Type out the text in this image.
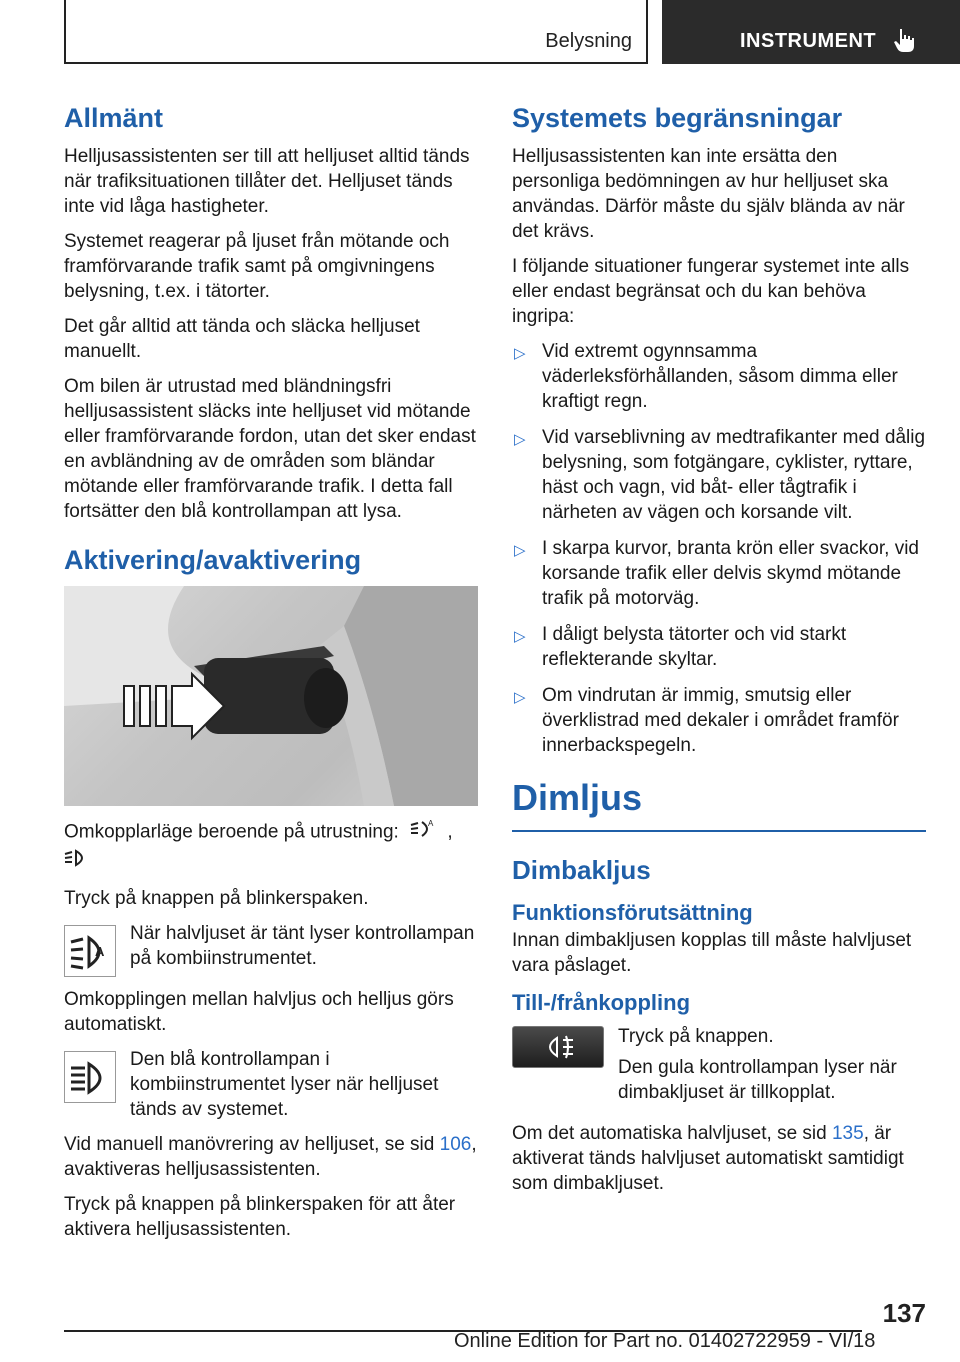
Belysning	INSTRUMENT
Allmänt

Helljusassistenten ser till att helljuset alltid tänds när trafiksituationen tillåter det. Helljuset tänds inte vid låga hastigheter.

Systemet reagerar på ljuset från mötande och framförvarande trafik samt på omgivningens belysning, t.ex. i tätorter.

Det går alltid att tända och släcka helljuset manuellt.

Om bilen är utrustad med bländningsfri helljusassistent släcks inte helljuset vid mötande eller framförvarande fordon, utan det sker endast en avbländning av de områden som bländar mötande eller framförvarande trafik. I detta fall fortsätter den blå kontrollampan att lysa.

Aktivering/avaktivering

Omkopplarläge beroende på utrustning:	A ,

Tryck på knappen på blinkerspaken.

A

När halvljuset är tänt lyser kontrollampan på kombiinstrumentet.

Omkopplingen mellan halvljus och helljus görs automatiskt.

Den blå kontrollampan i kombiinstrumentet lyser när helljuset tänds av systemet.

Vid manuell manövrering av helljuset, se sid 106, avaktiveras helljusassistenten.

Tryck på knappen på blinkerspaken för att åter aktivera helljusassistenten.

Systemets begränsningar

Helljusassistenten kan inte ersätta den personliga bedömningen av hur helljuset ska användas. Därför måste du själv blända av när det krävs.

I följande situationer fungerar systemet inte alls eller endast begränsat och du kan behöva ingripa:

▷ Vid extremt ogynnsamma väderleksförhållanden, såsom dimma eller kraftigt regn.
▷ Vid varseblivning av medtrafikanter med dålig belysning, som fotgängare, cyklister, ryttare, häst och vagn, vid båt- eller tågtrafik i närheten av vägen och korsande vilt.
▷ I skarpa kurvor, branta krön eller svackor, vid korsande trafik eller delvis skymd mötande trafik på motorväg.
▷ I dåligt belysta tätorter och vid starkt reflekterande skyltar.
▷ Om vindrutan är immig, smutsig eller överklistrad med dekaler i området framför innerbackspegeln.
Dimljus
Dimbakljus
Funktionsförutsättning

Innan dimbakljusen kopplas till måste halvljuset vara påslaget.

Till-/frånkoppling

Tryck på knappen.

Den gula kontrollampan lyser när dimbakljuset är tillkopplat.

Om det automatiska halvljuset, se sid 135, är aktiverat tänds halvljuset automatiskt samtidigt som dimbakljuset.

137
Online Edition for Part no. 01402722959 - VI/18
